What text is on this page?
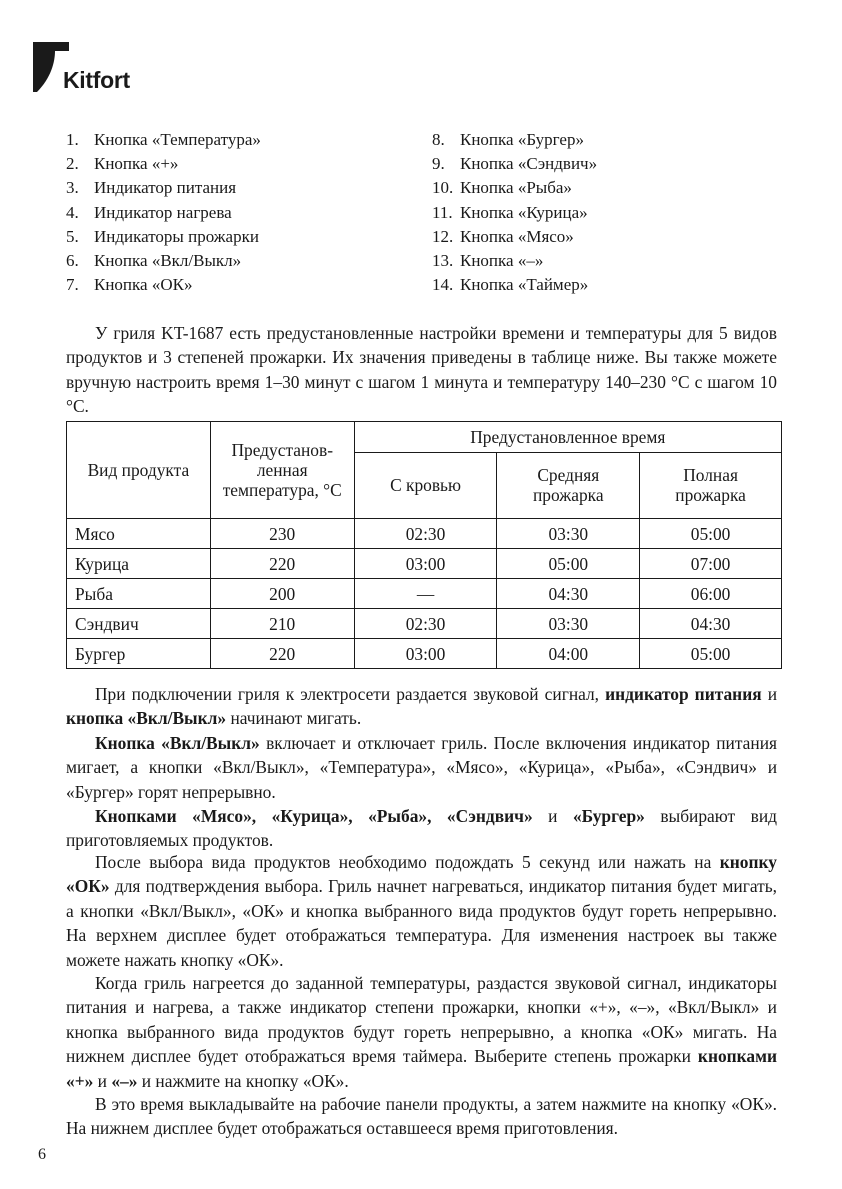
Kitfort
1. Кнопка «Температура»
2. Кнопка «+»
3. Индикатор питания
4. Индикатор нагрева
5. Индикаторы прожарки
6. Кнопка «Вкл/Выкл»
7. Кнопка «ОК»
8. Кнопка «Бургер»
9. Кнопка «Сэндвич»
10. Кнопка «Рыба»
11. Кнопка «Курица»
12. Кнопка «Мясо»
13. Кнопка «–»
14. Кнопка «Таймер»

У гриля KT-1687 есть предустановленные настройки времени и температуры для 5 видов продуктов и 3 степеней прожарки. Их значения приведены в таблице ниже. Вы также можете вручную настроить время 1–30 минут с шагом 1 минута и температуру 140–230 °C с шагом 10 °C.

Вид продукта	Предустанов-ленная температура, °C	Предустановленное время		
		С кровью	Средняя прожарка	Полная прожарка
Мясо	230	02:30	03:30	05:00
Курица	220	03:00	05:00	07:00
Рыба	200	—	04:30	06:00
Сэндвич	210	02:30	03:30	04:30
Бургер	220	03:00	04:00	05:00

При подключении гриля к электросети раздается звуковой сигнал, индикатор питания и кнопка «Вкл/Выкл» начинают мигать.

Кнопка «Вкл/Выкл» включает и отключает гриль. После включения индикатор питания мигает, а кнопки «Вкл/Выкл», «Температура», «Мясо», «Курица», «Рыба», «Сэндвич» и «Бургер» горят непрерывно.

Кнопками «Мясо», «Курица», «Рыба», «Сэндвич» и «Бургер» выбирают вид приготовляемых продуктов.

После выбора вида продуктов необходимо подождать 5 секунд или нажать на кнопку «ОК» для подтверждения выбора. Гриль начнет нагреваться, индикатор питания будет мигать, а кнопки «Вкл/Выкл», «ОК» и кнопка выбранного вида продуктов будут гореть непрерывно. На верхнем дисплее будет отображаться температура. Для изменения настроек вы также можете нажать кнопку «ОК».

Когда гриль нагреется до заданной температуры, раздастся звуковой сигнал, индикаторы питания и нагрева, а также индикатор степени прожарки, кнопки «+», «–», «Вкл/Выкл» и кнопка выбранного вида продуктов будут гореть непрерывно, а кнопка «ОК» мигать. На нижнем дисплее будет отображаться время таймера. Выберите степень прожарки кнопками «+» и «–» и нажмите на кнопку «ОК».

В это время выкладывайте на рабочие панели продукты, а затем нажмите на кнопку «ОК». На нижнем дисплее будет отображаться оставшееся время приготовления.

6
